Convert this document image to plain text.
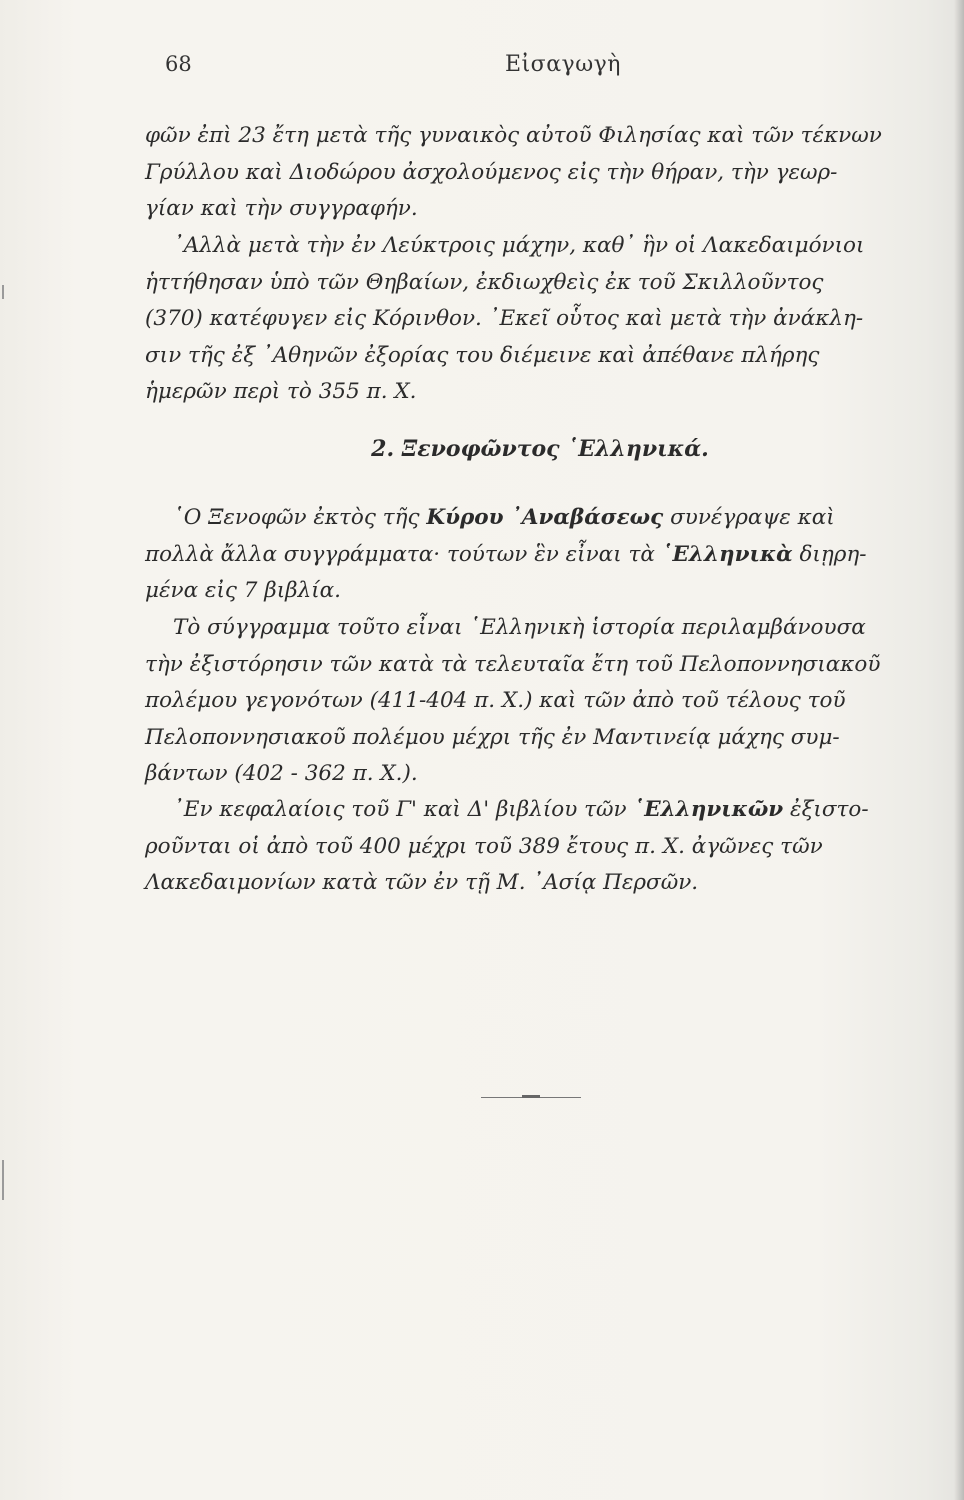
68	Εἰσαγωγὴ
φῶν ἐπὶ 23 ἔτη μετὰ τῆς γυναικὸς αὐτοῦ Φιλησίας καὶ τῶν τέκνων
Γρύλλου καὶ Διοδώρου ἀσχολούμενος εἰς τὴν θήραν, τὴν γεωρ-
γίαν καὶ τὴν συγγραφήν.
᾿Αλλὰ μετὰ τὴν ἐν Λεύκτροις μάχην, καθ᾿ ἣν οἱ Λακεδαιμόνιοι
ἡττήθησαν ὑπὸ τῶν Θηβαίων, ἐκδιωχθεὶς ἐκ τοῦ Σκιλλοῦντος
(370) κατέφυγεν εἰς Κόρινθον. ᾿Εκεῖ οὗτος καὶ μετὰ τὴν ἀνάκλη-
σιν τῆς ἐξ ᾿Αθηνῶν ἐξορίας του διέμεινε καὶ ἀπέθανε πλήρης
ἡμερῶν περὶ τὸ 355 π. Χ.
2. Ξενοφῶντος ῾Ελληνικά.
῾Ο Ξενοφῶν ἐκτὸς τῆς Κύρου ᾿Αναβάσεως συνέγραψε καὶ
πολλὰ ἄλλα συγγράμματα· τούτων ἓν εἶναι τὰ ῾Ελληνικὰ διῃρη-
μένα εἰς 7 βιβλία.
Τὸ σύγγραμμα τοῦτο εἶναι ῾Ελληνικὴ ἱστορία περιλαμβάνουσα
τὴν ἐξιστόρησιν τῶν κατὰ τὰ τελευταῖα ἔτη τοῦ Πελοποννησιακοῦ
πολέμου γεγονότων (411-404 π. Χ.) καὶ τῶν ἀπὸ τοῦ τέλους τοῦ
Πελοποννησιακοῦ πολέμου μέχρι τῆς ἐν Μαντινείᾳ μάχης συμ-
βάντων (402 - 362 π. Χ.).
᾿Εν κεφαλαίοις τοῦ Γ' καὶ Δ' βιβλίου τῶν ῾Ελληνικῶν ἐξιστο-
ροῦνται οἱ ἀπὸ τοῦ 400 μέχρι τοῦ 389 ἔτους π. Χ. ἀγῶνες τῶν
Λακεδαιμονίων κατὰ τῶν ἐν τῇ Μ. ᾿Ασίᾳ Περσῶν.
